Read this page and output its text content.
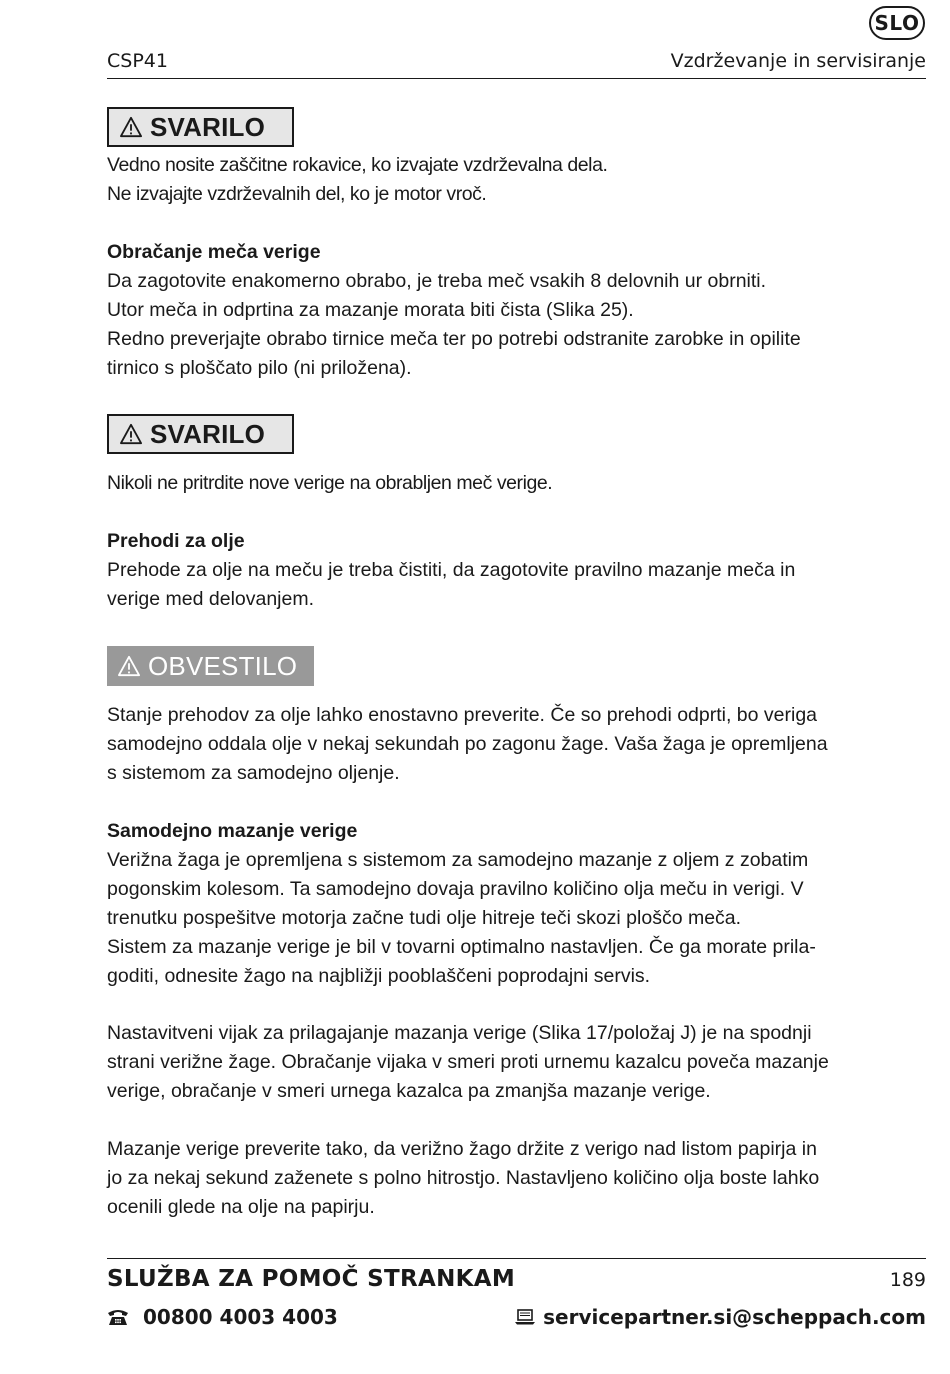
SLO
CSP41	Vzdrževanje in servisiranje
SVARILO

Vedno nosite zaščitne rokavice, ko izvajate vzdrževalna dela.

Ne izvajajte vzdrževalnih del, ko je motor vroč.

Obračanje meča verige

Da zagotovite enakomerno obrabo, je treba meč vsakih 8 delovnih ur obrniti.

Utor meča in odprtina za mazanje morata biti čista (Slika 25).

Redno preverjajte obrabo tirnice meča ter po potrebi odstranite zarobke in opilite

tirnico s ploščato pilo (ni priložena).

SVARILO

Nikoli ne pritrdite nove verige na obrabljen meč verige.

Prehodi za olje

Prehode za olje na meču je treba čistiti, da zagotovite pravilno mazanje meča in

verige med delovanjem.

OBVESTILO

Stanje prehodov za olje lahko enostavno preverite. Če so prehodi odprti, bo veriga

samodejno oddala olje v nekaj sekundah po zagonu žage. Vaša žaga je opremljena

s sistemom za samodejno oljenje.

Samodejno mazanje verige

Verižna žaga je opremljena s sistemom za samodejno mazanje z oljem z zobatim

pogonskim kolesom. Ta samodejno dovaja pravilno količino olja meču in verigi. V

trenutku pospešitve motorja začne tudi olje hitreje teči skozi ploščo meča.

Sistem za mazanje verige je bil v tovarni optimalno nastavljen. Če ga morate prila-

goditi, odnesite žago na najbližji pooblaščeni poprodajni servis.

Nastavitveni vijak za prilagajanje mazanja verige (Slika 17/položaj J) je na spodnji

strani verižne žage. Obračanje vijaka v smeri proti urnemu kazalcu poveča mazanje

verige, obračanje v smeri urnega kazalca pa zmanjša mazanje verige.

Mazanje verige preverite tako, da verižno žago držite z verigo nad listom papirja in

jo za nekaj sekund zaženete s polno hitrostjo. Nastavljeno količino olja boste lahko

ocenili glede na olje na papirju.

SLUŽBA ZA POMOČ STRANKAM	189
00800 4003 4003	servicepartner.si@scheppach.com
